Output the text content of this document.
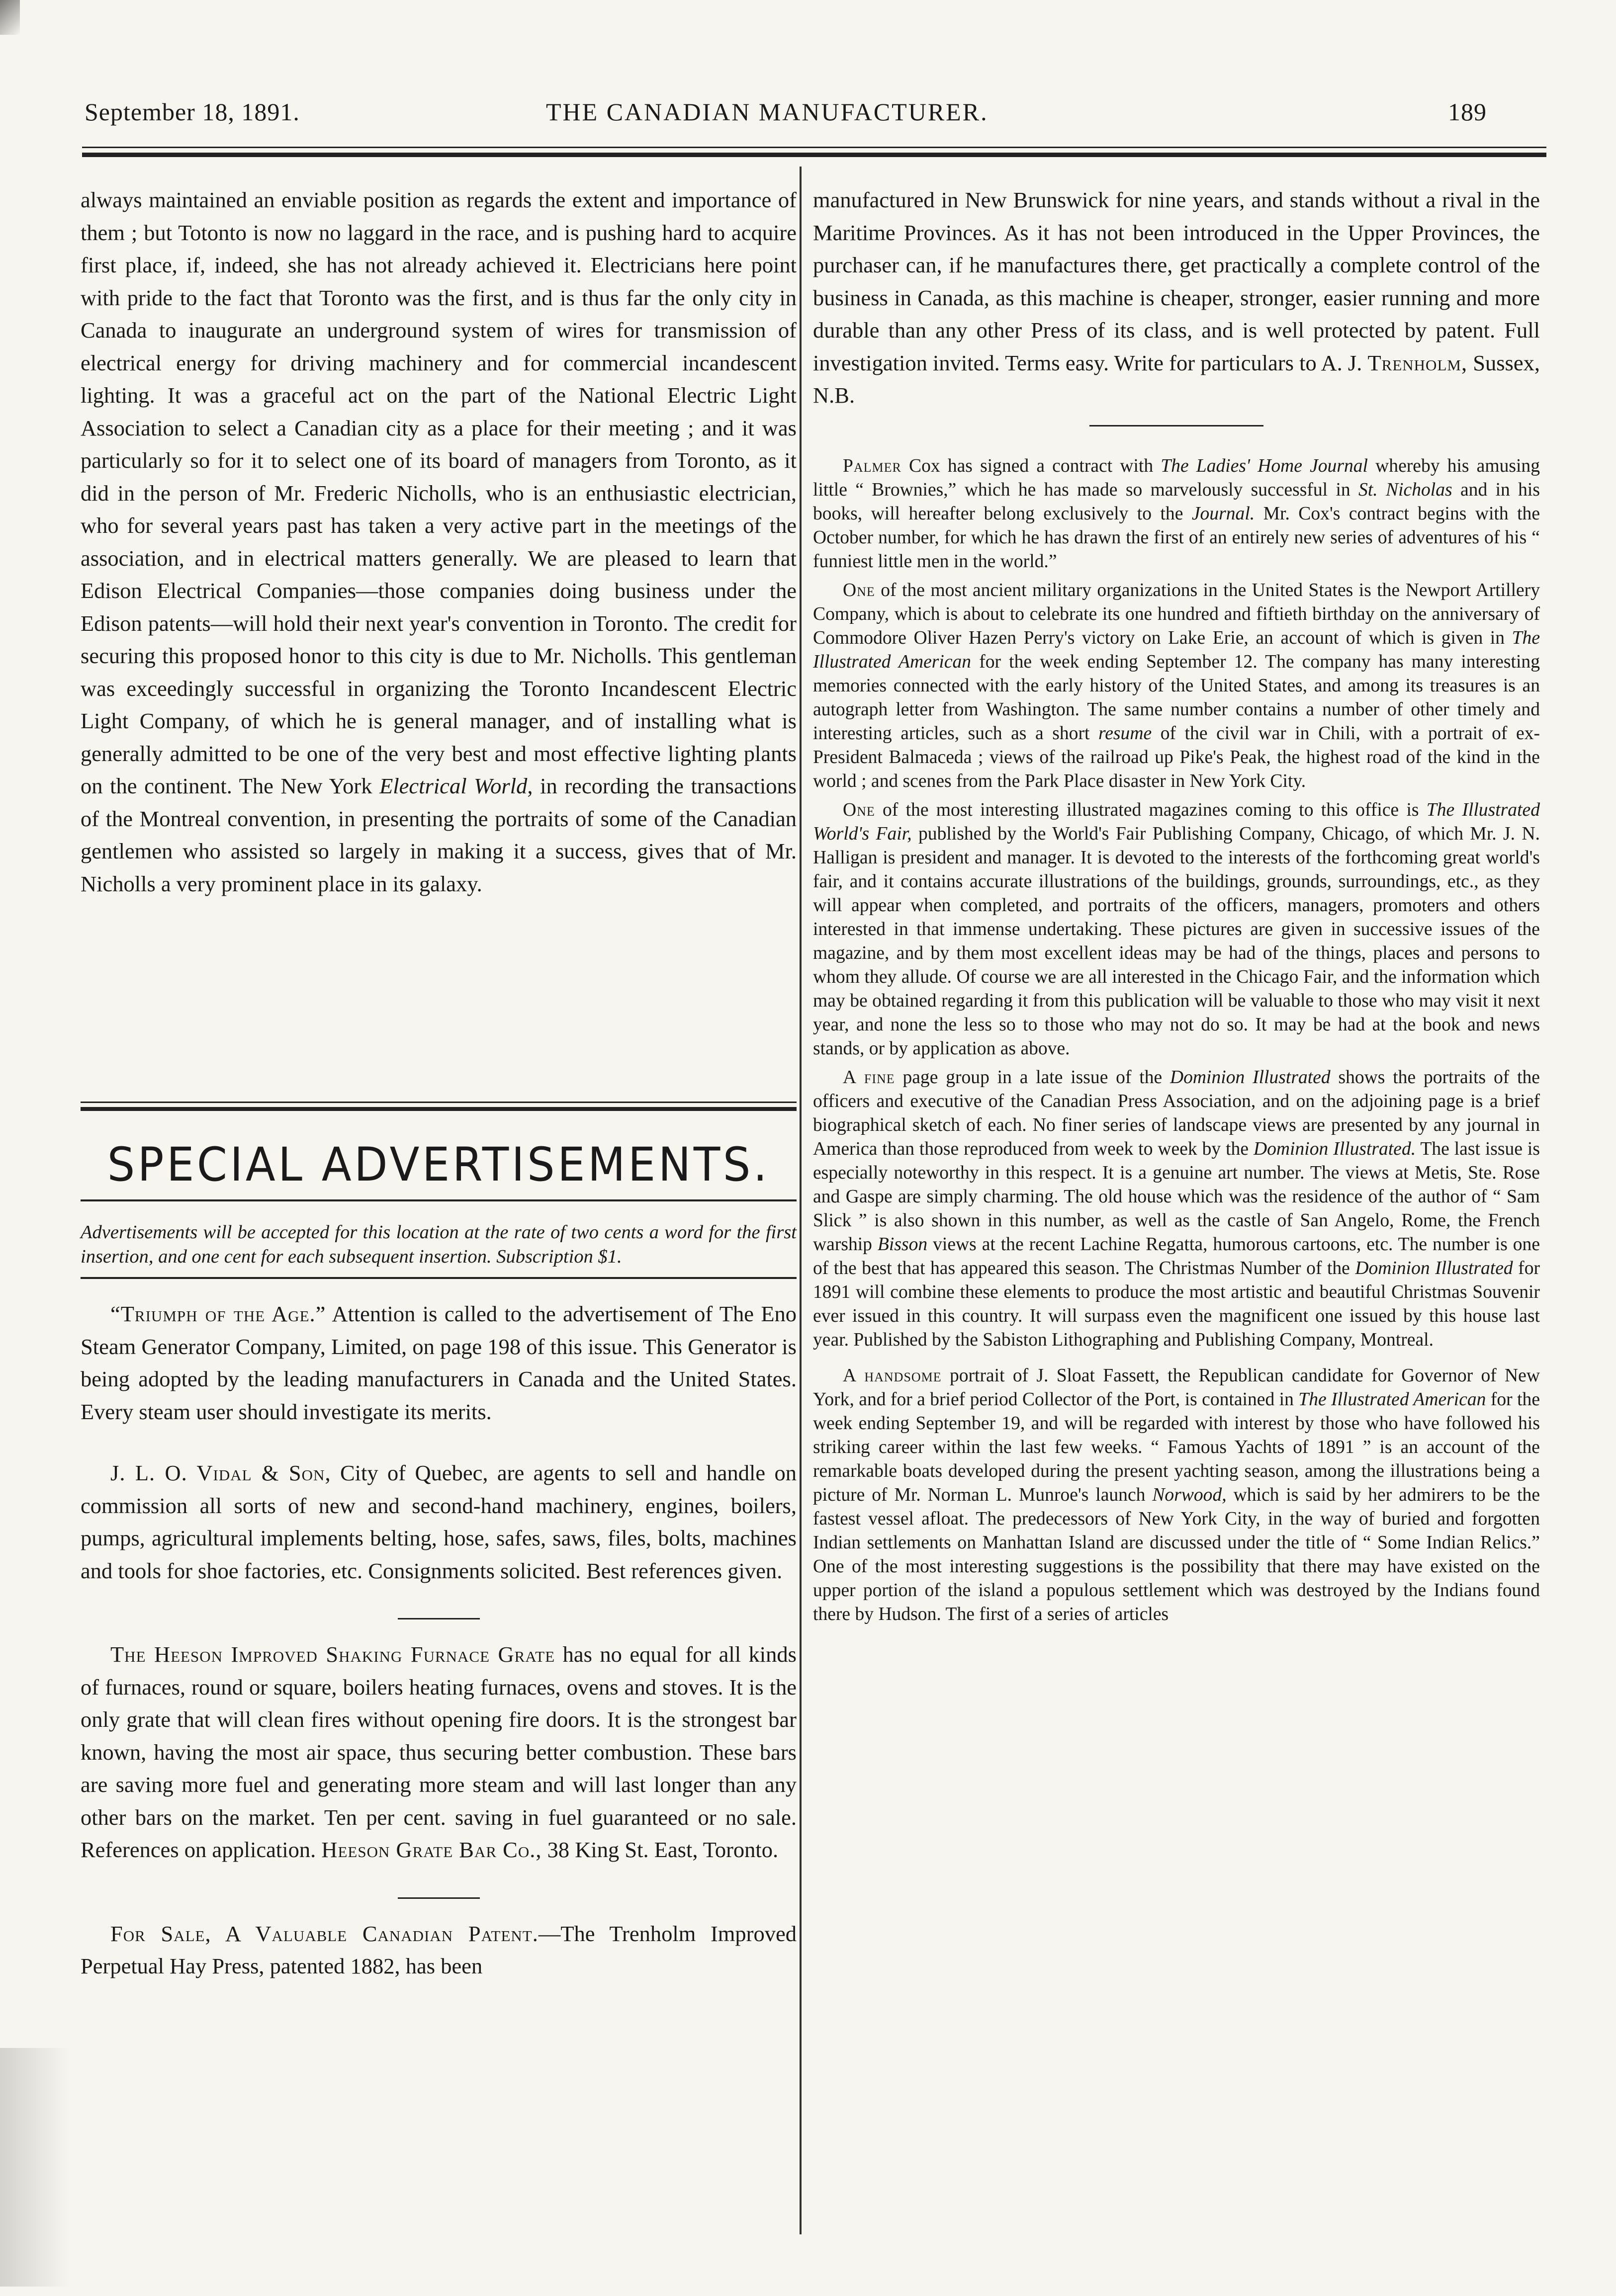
September 18, 1891.	THE CANADIAN MANUFACTURER.	189

always maintained an enviable position as regards the extent and importance of them ; but Totonto is now no laggard in the race, and is pushing hard to acquire first place, if, indeed, she has not already achieved it. Electricians here point with pride to the fact that Toronto was the first, and is thus far the only city in Canada to inaugurate an underground system of wires for transmission of electrical energy for driving machinery and for commercial incandescent lighting. It was a graceful act on the part of the National Electric Light Association to select a Canadian city as a place for their meeting ; and it was particularly so for it to select one of its board of managers from Toronto, as it did in the person of Mr. Frederic Nicholls, who is an enthusiastic electrician, who for several years past has taken a very active part in the meetings of the association, and in electrical matters generally. We are pleased to learn that Edison Electrical Companies—those companies doing business under the Edison patents—will hold their next year's convention in Toronto. The credit for securing this proposed honor to this city is due to Mr. Nicholls. This gentleman was exceedingly successful in organizing the Toronto Incandescent Electric Light Company, of which he is general manager, and of installing what is generally admitted to be one of the very best and most effective lighting plants on the continent. The New York Electrical World, in recording the transactions of the Montreal convention, in presenting the portraits of some of the Canadian gentlemen who assisted so largely in making it a success, gives that of Mr. Nicholls a very prominent place in its galaxy.

SPECIAL ADVERTISEMENTS.

Advertisements will be accepted for this location at the rate of two cents a word for the first insertion, and one cent for each subsequent insertion. Subscription $1.

“Triumph of the Age.” Attention is called to the advertisement of The Eno Steam Generator Company, Limited, on page 198 of this issue. This Generator is being adopted by the leading manufacturers in Canada and the United States. Every steam user should investigate its merits.

J. L. O. Vidal & Son, City of Quebec, are agents to sell and handle on commission all sorts of new and second-hand machinery, engines, boilers, pumps, agricultural implements belting, hose, safes, saws, files, bolts, machines and tools for shoe factories, etc. Consignments solicited. Best references given.

The Heeson Improved Shaking Furnace Grate has no equal for all kinds of furnaces, round or square, boilers heating furnaces, ovens and stoves. It is the only grate that will clean fires without opening fire doors. It is the strongest bar known, having the most air space, thus securing better combustion. These bars are saving more fuel and generating more steam and will last longer than any other bars on the market. Ten per cent. saving in fuel guaranteed or no sale. References on application. Heeson Grate Bar Co., 38 King St. East, Toronto.

For Sale, A Valuable Canadian Patent.—The Trenholm Improved Perpetual Hay Press, patented 1882, has been

manufactured in New Brunswick for nine years, and stands without a rival in the Maritime Provinces. As it has not been introduced in the Upper Provinces, the purchaser can, if he manufactures there, get practically a complete control of the business in Canada, as this machine is cheaper, stronger, easier running and more durable than any other Press of its class, and is well protected by patent. Full investigation invited. Terms easy. Write for particulars to A. J. Trenholm, Sussex, N.B.

Palmer Cox has signed a contract with The Ladies' Home Journal whereby his amusing little “ Brownies,” which he has made so marvelously successful in St. Nicholas and in his books, will hereafter belong exclusively to the Journal. Mr. Cox's contract begins with the October number, for which he has drawn the first of an entirely new series of adventures of his “ funniest little men in the world.”

One of the most ancient military organizations in the United States is the Newport Artillery Company, which is about to celebrate its one hundred and fiftieth birthday on the anniversary of Commodore Oliver Hazen Perry's victory on Lake Erie, an account of which is given in The Illustrated American for the week ending September 12. The company has many interesting memories connected with the early history of the United States, and among its treasures is an autograph letter from Washington. The same number contains a number of other timely and interesting articles, such as a short resume of the civil war in Chili, with a portrait of ex-President Balmaceda ; views of the railroad up Pike's Peak, the highest road of the kind in the world ; and scenes from the Park Place disaster in New York City.

One of the most interesting illustrated magazines coming to this office is The Illustrated World's Fair, published by the World's Fair Publishing Company, Chicago, of which Mr. J. N. Halligan is president and manager. It is devoted to the interests of the forthcoming great world's fair, and it contains accurate illustrations of the buildings, grounds, surroundings, etc., as they will appear when completed, and portraits of the officers, managers, promoters and others interested in that immense undertaking. These pictures are given in successive issues of the magazine, and by them most excellent ideas may be had of the things, places and persons to whom they allude. Of course we are all interested in the Chicago Fair, and the information which may be obtained regarding it from this publication will be valuable to those who may visit it next year, and none the less so to those who may not do so. It may be had at the book and news stands, or by application as above.

A fine page group in a late issue of the Dominion Illustrated shows the portraits of the officers and executive of the Canadian Press Association, and on the adjoining page is a brief biographical sketch of each. No finer series of landscape views are presented by any journal in America than those reproduced from week to week by the Dominion Illustrated. The last issue is especially noteworthy in this respect. It is a genuine art number. The views at Metis, Ste. Rose and Gaspe are simply charming. The old house which was the residence of the author of “ Sam Slick ” is also shown in this number, as well as the castle of San Angelo, Rome, the French warship Bisson views at the recent Lachine Regatta, humorous cartoons, etc. The number is one of the best that has appeared this season. The Christmas Number of the Dominion Illustrated for 1891 will combine these elements to produce the most artistic and beautiful Christmas Souvenir ever issued in this country. It will surpass even the magnificent one issued by this house last year. Published by the Sabiston Lithographing and Publishing Company, Montreal.

A handsome portrait of J. Sloat Fassett, the Republican candidate for Governor of New York, and for a brief period Collector of the Port, is contained in The Illustrated American for the week ending September 19, and will be regarded with interest by those who have followed his striking career within the last few weeks. “ Famous Yachts of 1891 ” is an account of the remarkable boats developed during the present yachting season, among the illustrations being a picture of Mr. Norman L. Munroe's launch Norwood, which is said by her admirers to be the fastest vessel afloat. The predecessors of New York City, in the way of buried and forgotten Indian settlements on Manhattan Island are discussed under the title of “ Some Indian Relics.” One of the most interesting suggestions is the possibility that there may have existed on the upper portion of the island a populous settlement which was destroyed by the Indians found there by Hudson. The first of a series of articles
